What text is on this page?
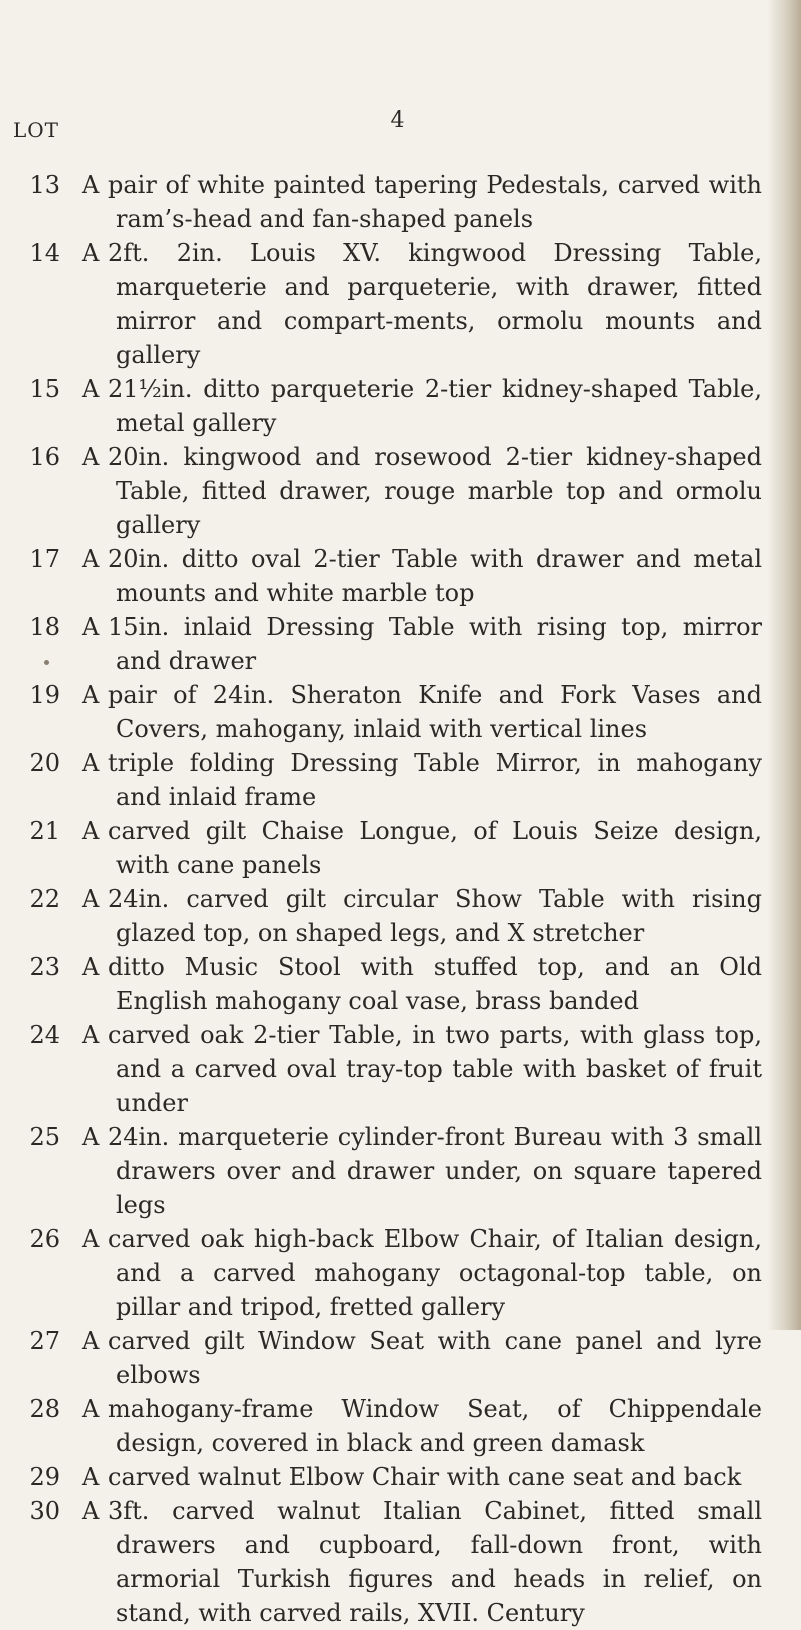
4
LOT
13 A pair of white painted tapering Pedestals, carved with ram’s-head and fan-shaped panels
14 A 2ft. 2in. Louis XV. kingwood Dressing Table, marqueterie and parqueterie, with drawer, fitted mirror and compart-ments, ormolu mounts and gallery
15 A 21½in. ditto parqueterie 2-tier kidney-shaped Table, metal gallery
16 A 20in. kingwood and rosewood 2-tier kidney-shaped Table, fitted drawer, rouge marble top and ormolu gallery
17 A 20in. ditto oval 2-tier Table with drawer and metal mounts and white marble top
18 A 15in. inlaid Dressing Table with rising top, mirror and drawer
19 A pair of 24in. Sheraton Knife and Fork Vases and Covers, mahogany, inlaid with vertical lines
20 A triple folding Dressing Table Mirror, in mahogany and inlaid frame
21 A carved gilt Chaise Longue, of Louis Seize design, with cane panels
22 A 24in. carved gilt circular Show Table with rising glazed top, on shaped legs, and X stretcher
23 A ditto Music Stool with stuffed top, and an Old English mahogany coal vase, brass banded
24 A carved oak 2-tier Table, in two parts, with glass top, and a carved oval tray-top table with basket of fruit under
25 A 24in. marqueterie cylinder-front Bureau with 3 small drawers over and drawer under, on square tapered legs
26 A carved oak high-back Elbow Chair, of Italian design, and a carved mahogany octagonal-top table, on pillar and tripod, fretted gallery
27 A carved gilt Window Seat with cane panel and lyre elbows
28 A mahogany-frame Window Seat, of Chippendale design, covered in black and green damask
29 A carved walnut Elbow Chair with cane seat and back
30 A 3ft. carved walnut Italian Cabinet, fitted small drawers and cupboard, fall-down front, with armorial Turkish figures and heads in relief, on stand, with carved rails, XVII. Century
